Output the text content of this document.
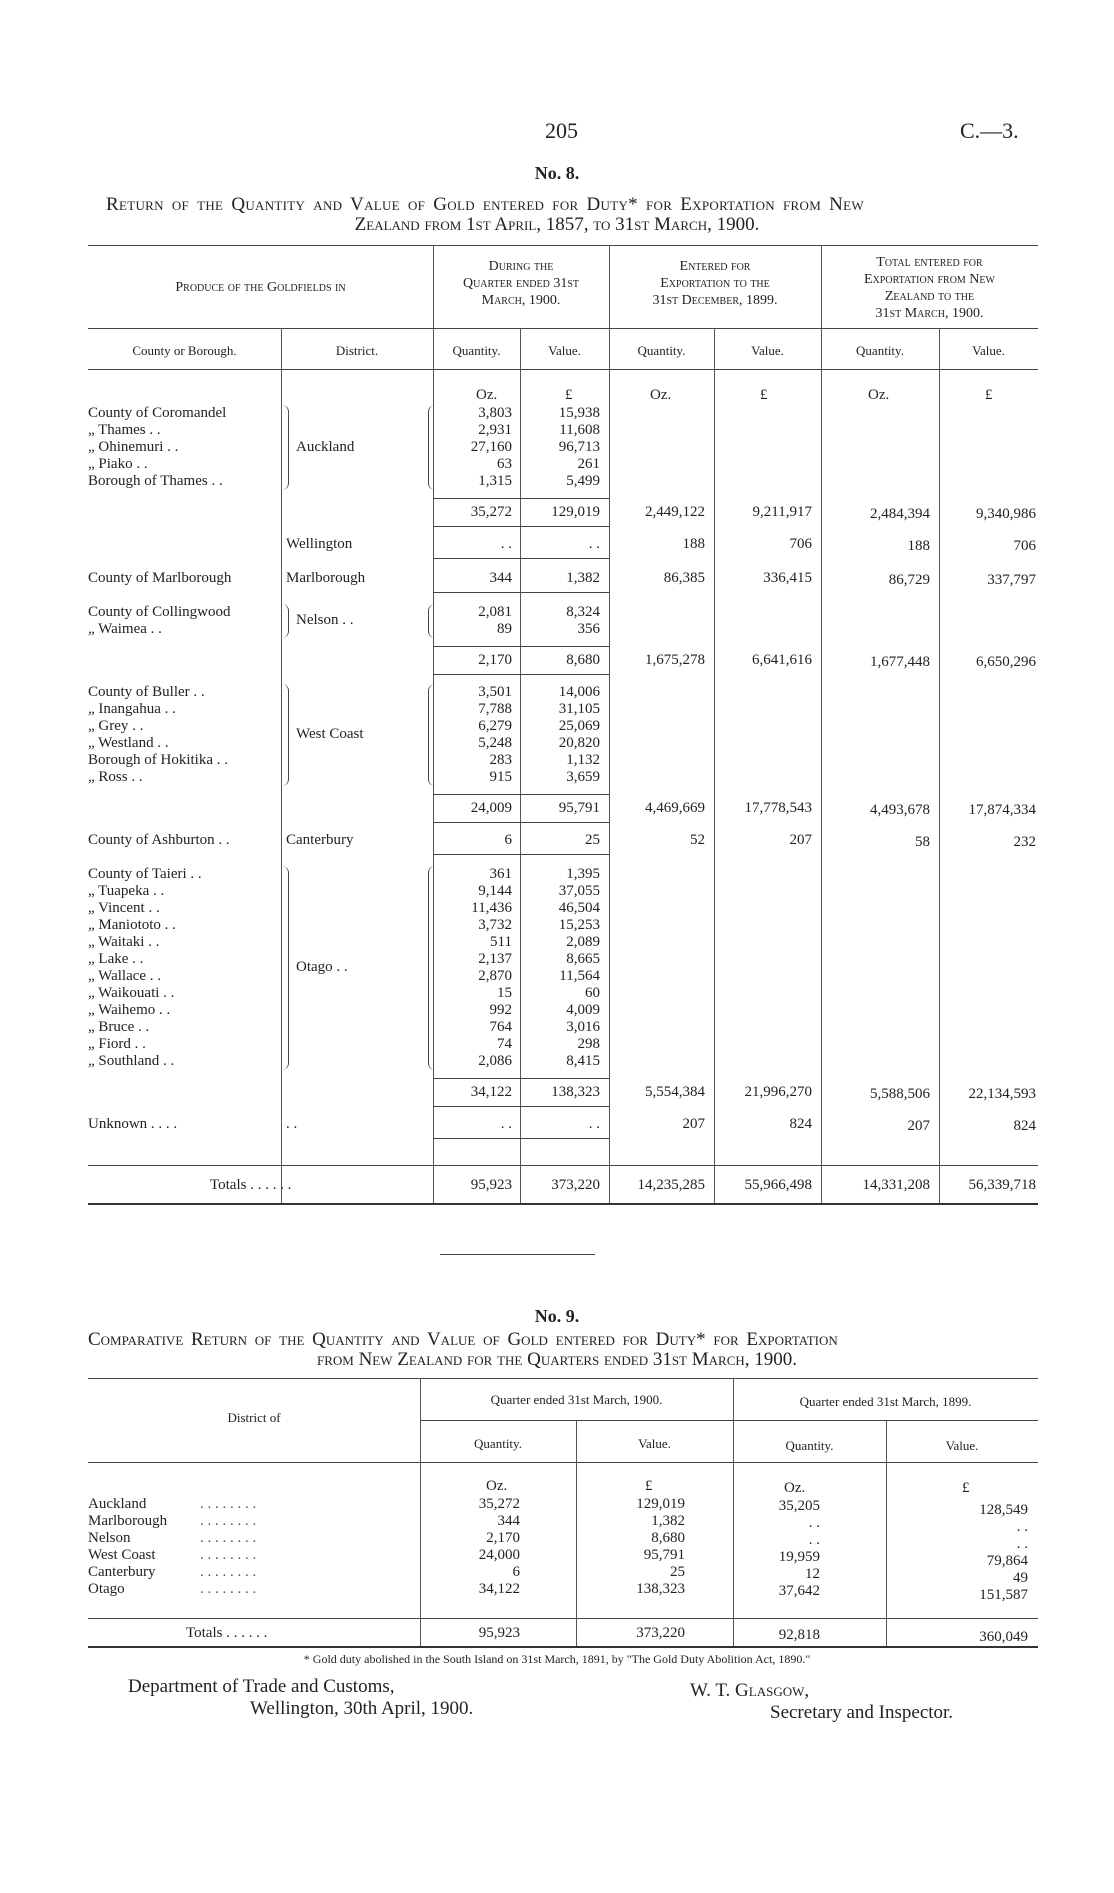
205	C.—3.
No. 8.
Return of the Quantity and Value of Gold entered for Duty* for Exportation from New
Zealand from 1st April, 1857, to 31st March, 1900.
Produce of the Goldfields in
During the
Quarter ended 31st
March, 1900.
Entered for
Exportation to the
31st December, 1899.
Total entered for
Exportation from New
Zealand to the
31st March, 1900.
County or Borough.	District.	Quantity.	Value.	Quantity.	Value.	Quantity.	Value.
Oz.	£	Oz.	£	Oz.	£
County of Coromandel	3,803	15,938
„ Thames . .	2,931	11,608
„ Ohinemuri . .	27,160	96,713
„ Piako . .	63	261
Borough of Thames . .	1,315	5,499
Auckland
35,272	129,019	2,449,122	9,211,917	2,484,394	9,340,986
Wellington	. .	. .	188	706	188	706
County of Marlborough	Marlborough	344	1,382	86,385	336,415	86,729	337,797
County of Collingwood	2,081	8,324
„ Waimea . .	89	356
Nelson . .
2,170	8,680	1,675,278	6,641,616	1,677,448	6,650,296
County of Buller . .	3,501	14,006
„ Inangahua . .	7,788	31,105
„ Grey . .	6,279	25,069
„ Westland . .	5,248	20,820
Borough of Hokitika . .	283	1,132
„ Ross . .	915	3,659
West Coast
24,009	95,791	4,469,669	17,778,543	4,493,678	17,874,334
County of Ashburton . .	Canterbury	6	25	52	207	58	232
County of Taieri . .	361	1,395
„ Tuapeka . .	9,144	37,055
„ Vincent . .	11,436	46,504
„ Maniototo . .	3,732	15,253
„ Waitaki . .	511	2,089
„ Lake . .	2,137	8,665
„ Wallace . .	2,870	11,564
„ Waikouati . .	15	60
„ Waihemo . .	992	4,009
„ Bruce . .	764	3,016
„ Fiord . .	74	298
„ Southland . .	2,086	8,415
Otago . .
34,122	138,323	5,554,384	21,996,270	5,588,506	22,134,593
Unknown . . . .	. .	. .	. .	207	824	207	824
Totals . . . . . .	95,923	373,220	14,235,285	55,966,498	14,331,208	56,339,718
No. 9.
Comparative Return of the Quantity and Value of Gold entered for Duty* for Exportation
from New Zealand for the Quarters ended 31st March, 1900.
District of
Quarter ended 31st March, 1900.	Quarter ended 31st March, 1899.
Quantity.	Value.	Quantity.	Value.
Oz.	£	Oz.	£
Auckland	. . . . . . . .	35,272	129,019	35,205	128,549
Marlborough . . . . . . . .	344	1,382	. .	. .
Nelson	. . . . . . . .	2,170	8,680	. .	. .
West Coast	. . . . . . . .	24,000	95,791	19,959	79,864
Canterbury	. . . . . . . .	6	25	12	49
Otago	. . . . . . . .	34,122	138,323	37,642	151,587
Totals . . . . . .	95,923	373,220	92,818	360,049
* Gold duty abolished in the South Island on 31st March, 1891, by "The Gold Duty Abolition Act, 1890."
Department of Trade and Customs,
Wellington, 30th April, 1900.
W. T. Glasgow,
Secretary and Inspector.
